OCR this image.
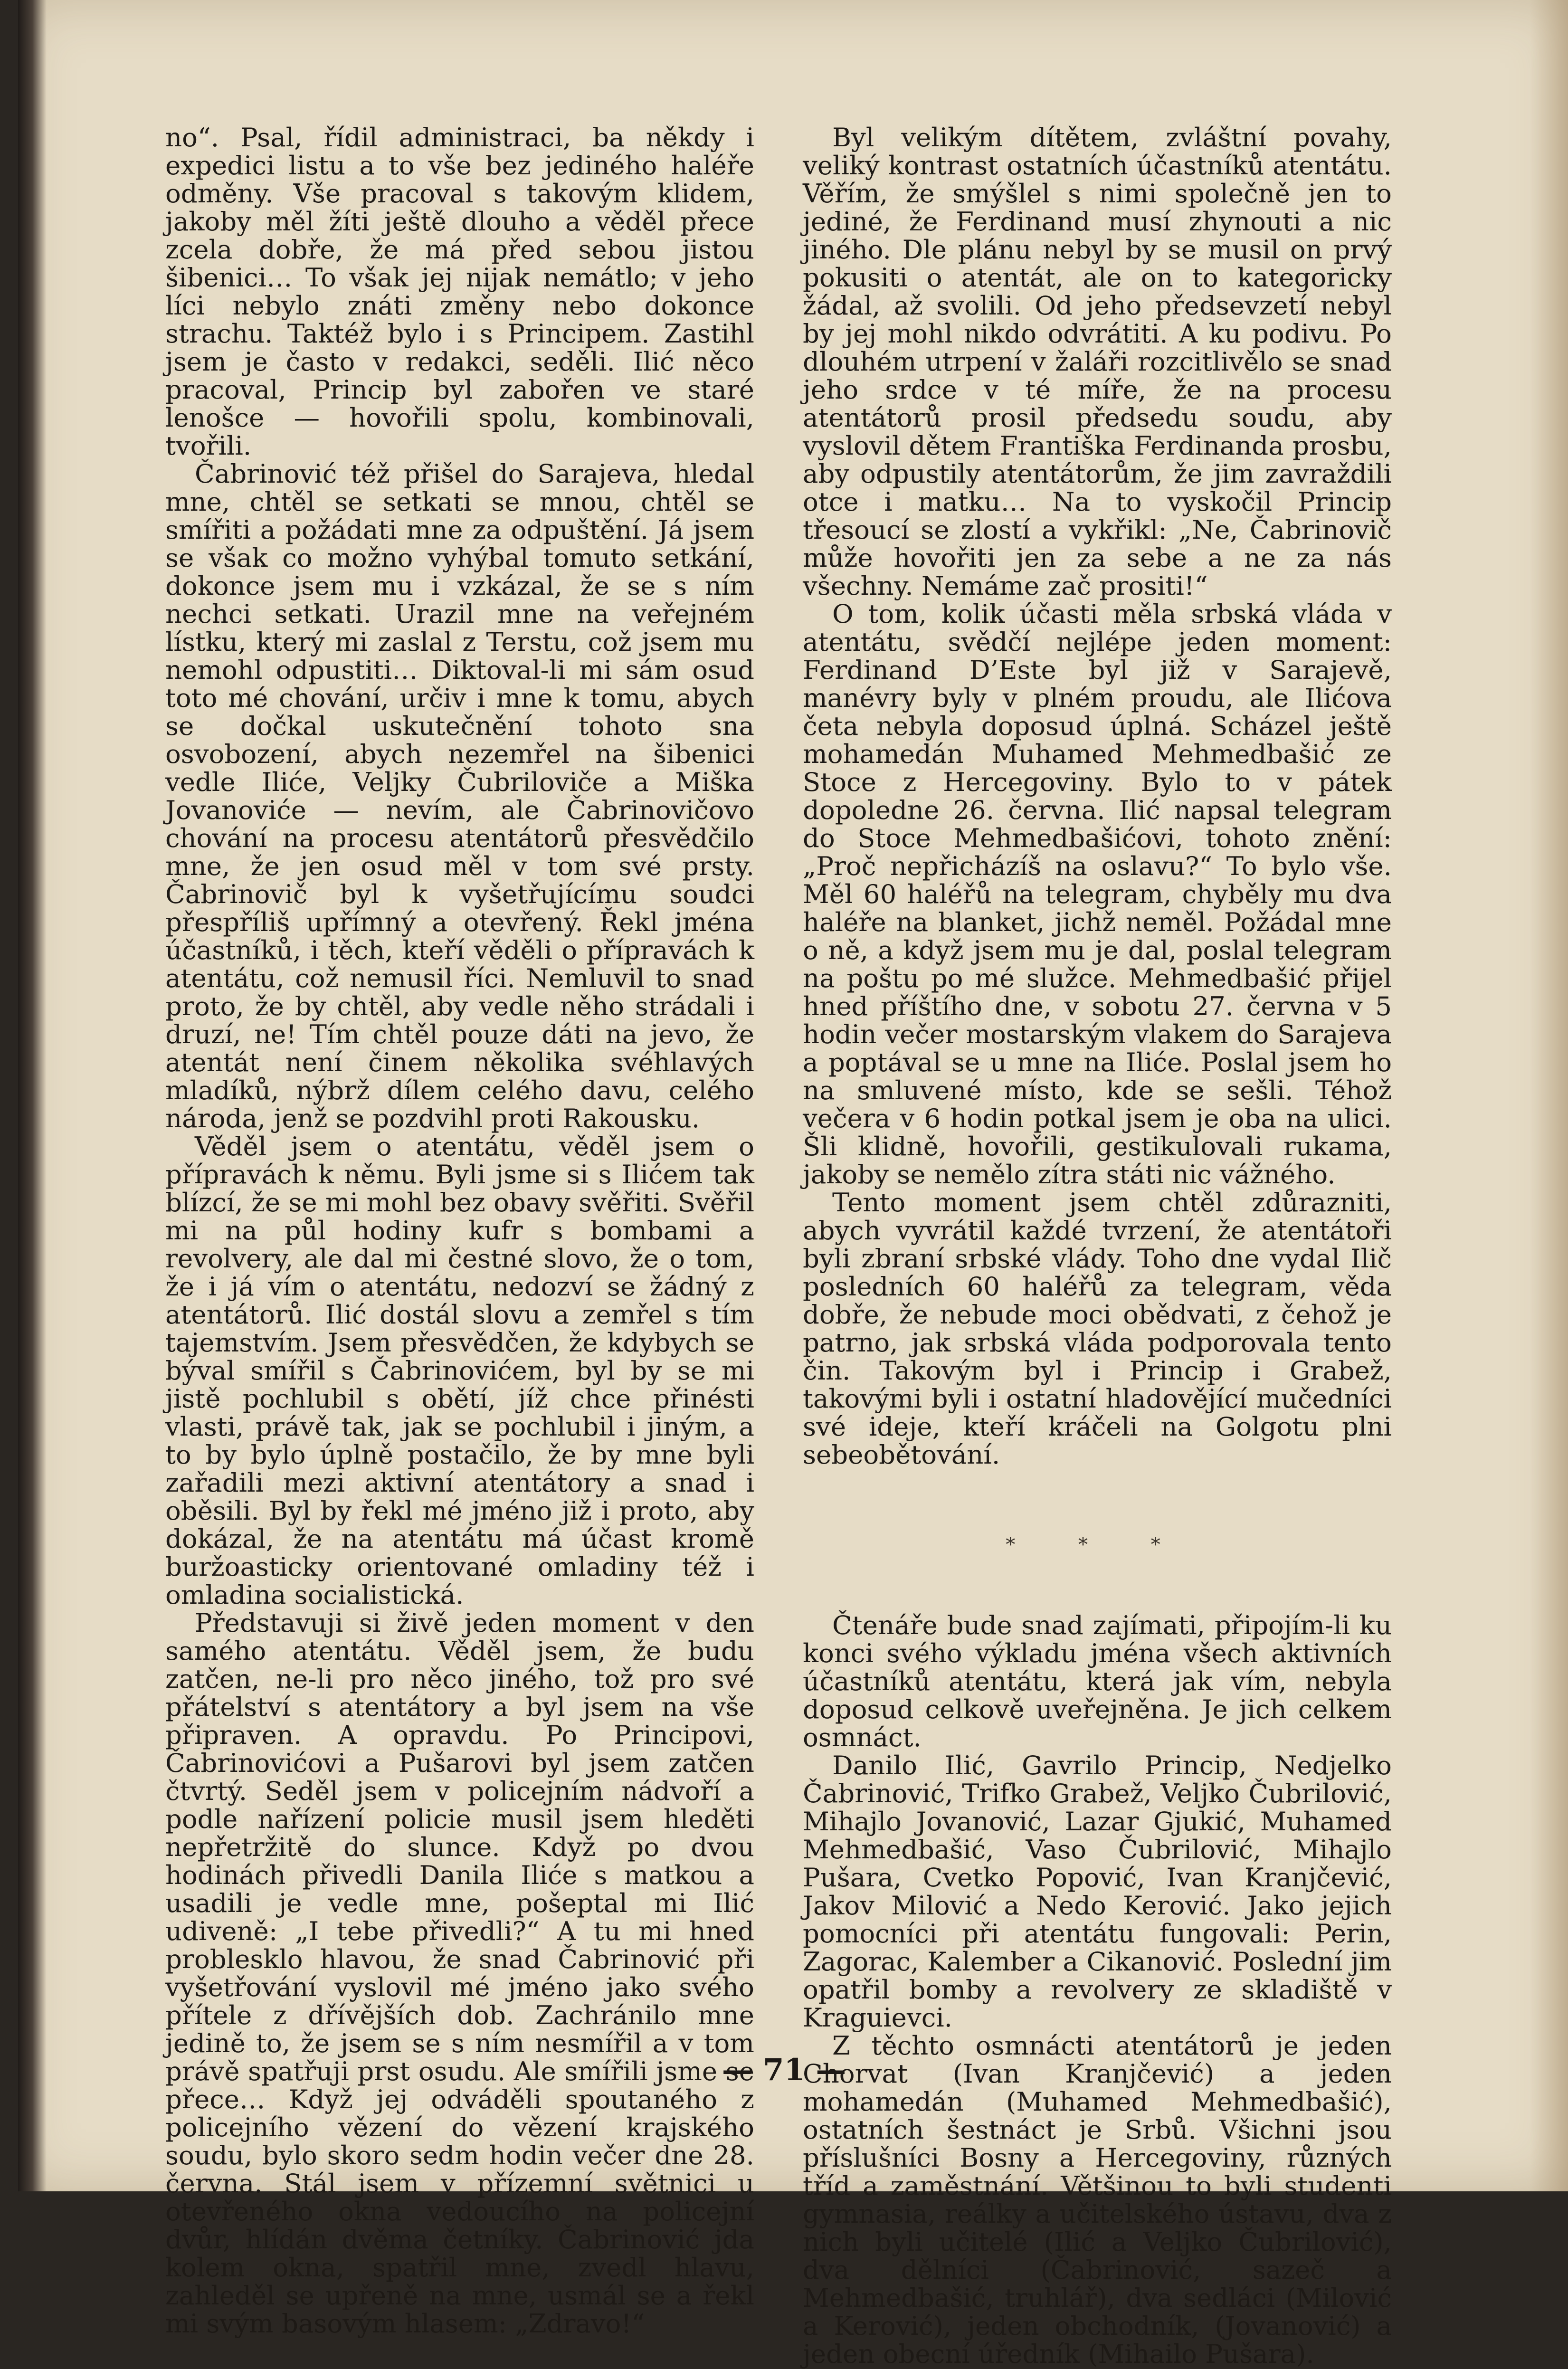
no“. Psal, řídil administraci, ba někdy i expedici listu a to vše bez jediného haléře odměny. Vše pracoval s takovým klidem, jakoby měl žíti ještě dlouho a věděl přece zcela dobře, že má před sebou jistou šibenici… To však jej nijak nemátlo; v jeho líci nebylo znáti změny nebo dokonce strachu. Taktéž bylo i s Principem. Zastihl jsem je často v redakci, seděli. Ilić něco pracoval, Princip byl zabořen ve staré lenošce — hovořili spolu, kombinovali, tvořili.

Čabrinović též přišel do Sarajeva, hledal mne, chtěl se setkati se mnou, chtěl se smířiti a požádati mne za odpuštění. Já jsem se však co možno vyhýbal tomuto setkání, dokonce jsem mu i vzkázal, že se s ním nechci setkati. Urazil mne na veřejném lístku, který mi zaslal z Terstu, což jsem mu nemohl odpustiti… Diktoval-li mi sám osud toto mé chování, určiv i mne k tomu, abych se dočkal uskutečnění tohoto sna osvobození, abych nezemřel na šibenici vedle Iliće, Veljky Čubriloviče a Miška Jovanoviće — nevím, ale Čabrinovičovo chování na procesu atentátorů přesvědčilo mne, že jen osud měl v tom své prsty. Čabrinovič byl k vyšetřujícímu soudci přespříliš upřímný a otevřený. Řekl jména účastníků, i těch, kteří věděli o přípravách k atentátu, což nemusil říci. Nemluvil to snad proto, že by chtěl, aby vedle něho strádali i druzí, ne! Tím chtěl pouze dáti na jevo, že atentát není činem několika svéhlavých mladíků, nýbrž dílem celého davu, celého národa, jenž se pozdvihl proti Rakousku.

Věděl jsem o atentátu, věděl jsem o přípravách k němu. Byli jsme si s Ilićem tak blízcí, že se mi mohl bez obavy svěřiti. Svěřil mi na půl hodiny kufr s bombami a revolvery, ale dal mi čestné slovo, že o tom, že i já vím o atentátu, nedozví se žádný z atentátorů. Ilić dostál slovu a zemřel s tím tajemstvím. Jsem přesvědčen, že kdybych se býval smířil s Čabrinovićem, byl by se mi jistě pochlubil s obětí, jíž chce přinésti vlasti, právě tak, jak se pochlubil i jiným, a to by bylo úplně postačilo, že by mne byli zařadili mezi aktivní atentátory a snad i oběsili. Byl by řekl mé jméno již i proto, aby dokázal, že na atentátu má účast kromě buržoasticky orientované omladiny též i omladina socialistická.

Představuji si živě jeden moment v den samého atentátu. Věděl jsem, že budu zatčen, ne-li pro něco jiného, tož pro své přátelství s atentátory a byl jsem na vše připraven. A opravdu. Po Principovi, Čabrinovićovi a Pušarovi byl jsem zatčen čtvrtý. Seděl jsem v policejním nádvoří a podle nařízení policie musil jsem hleděti nepřetržitě do slunce. Když po dvou hodinách přivedli Danila Iliće s matkou a usadili je vedle mne, pošeptal mi Ilić udiveně: „I tebe přivedli?“ A tu mi hned problesklo hlavou, že snad Čabrinović při vyšetřování vyslovil mé jméno jako svého přítele z dřívějších dob. Zachránilo mne jedině to, že jsem se s ním nesmířil a v tom právě spatřuji prst osudu. Ale smířili jsme se přece… Když jej odváděli spoutaného z policejního vězení do vězení krajského soudu, bylo skoro sedm hodin večer dne 28. června. Stál jsem v přízemní světnici u otevřeného okna vedoucího na policejní dvůr, hlídán dvěma četníky. Čabrinović jda kolem okna, spatřil mne, zvedl hlavu, zahleděl se upřeně na mne, usmál se a řekl mi svým basovým hlasem: „Zdravo!“

Byl velikým dítětem, zvláštní povahy, veliký kontrast ostatních účastníků atentátu. Věřím, že smýšlel s nimi společně jen to jediné, že Ferdinand musí zhynouti a nic jiného. Dle plánu nebyl by se musil on prvý pokusiti o atentát, ale on to kategoricky žádal, až svolili. Od jeho předsevzetí nebyl by jej mohl nikdo odvrátiti. A ku podivu. Po dlouhém utrpení v žaláři rozcitlivělo se snad jeho srdce v té míře, že na procesu atentátorů prosil předsedu soudu, aby vyslovil dětem Františka Ferdinanda prosbu, aby odpustily atentátorům, že jim zavraždili otce i matku… Na to vyskočil Princip třesoucí se zlostí a vykřikl: „Ne, Čabrinovič může hovořiti jen za sebe a ne za nás všechny. Nemáme zač prositi!“

O tom, kolik účasti měla srbská vláda v atentátu, svědčí nejlépe jeden moment: Ferdinand D’Este byl již v Sarajevě, manévry byly v plném proudu, ale Ilićova četa nebyla doposud úplná. Scházel ještě mohamedán Muhamed Mehmedbašić ze Stoce z Hercegoviny. Bylo to v pátek dopoledne 26. června. Ilić napsal telegram do Stoce Mehmedbašićovi, tohoto znění: „Proč nepřicházíš na oslavu?“ To bylo vše. Měl 60 haléřů na telegram, chyběly mu dva haléře na blanket, jichž neměl. Požádal mne o ně, a když jsem mu je dal, poslal telegram na poštu po mé služce. Mehmedbašić přijel hned příštího dne, v sobotu 27. června v 5 hodin večer mostarským vlakem do Sarajeva a poptával se u mne na Iliće. Poslal jsem ho na smluvené místo, kde se sešli. Téhož večera v 6 hodin potkal jsem je oba na ulici. Šli klidně, hovořili, gestikulovali rukama, jakoby se nemělo zítra státi nic vážného.

Tento moment jsem chtěl zdůrazniti, abych vyvrátil každé tvrzení, že atentátoři byli zbraní srbské vlády. Toho dne vydal Ilič posledních 60 haléřů za telegram, věda dobře, že nebude moci obědvati, z čehož je patrno, jak srbská vláda podporovala tento čin. Takovým byl i Princip i Grabež, takovými byli i ostatní hladovějící mučedníci své ideje, kteří kráčeli na Golgotu plni sebeobětování.

* * *

Čtenáře bude snad zajímati, připojím-li ku konci svého výkladu jména všech aktivních účastníků atentátu, která jak vím, nebyla doposud celkově uveřejněna. Je jich celkem osmnáct.

Danilo Ilić, Gavrilo Princip, Nedjelko Čabrinović, Trifko Grabež, Veljko Čubrilović, Mihajlo Jovanović, Lazar Gjukić, Muhamed Mehmedbašić, Vaso Čubrilović, Mihajlo Pušara, Cvetko Popović, Ivan Kranjčević, Jakov Milović a Nedo Kerović. Jako jejich pomocníci při atentátu fungovali: Perin, Zagorac, Kalember a Cikanović. Poslední jim opatřil bomby a revolvery ze skladiště v Kraguievci.

Z těchto osmnácti atentátorů je jeden Chorvat (Ivan Kranjčević) a jeden mohamedán (Muhamed Mehmedbašić), ostatních šestnáct je Srbů. Všichni jsou příslušníci Bosny a Hercegoviny, různých tříd a zaměstnání. Většinou to byli studenti gymnasia, reálky a učitelského ústavu, dva z nich byli učitelé (Ilić a Veljko Čubrilović), dva dělníci (Čabrinović, sazeč a Mehmedbašić, truhlář), dva sedláci (Milović a Kerović), jeden obchodník, (Jovanović) a jeden obecní úředník (Mihailo Pušara).

— 71 —
